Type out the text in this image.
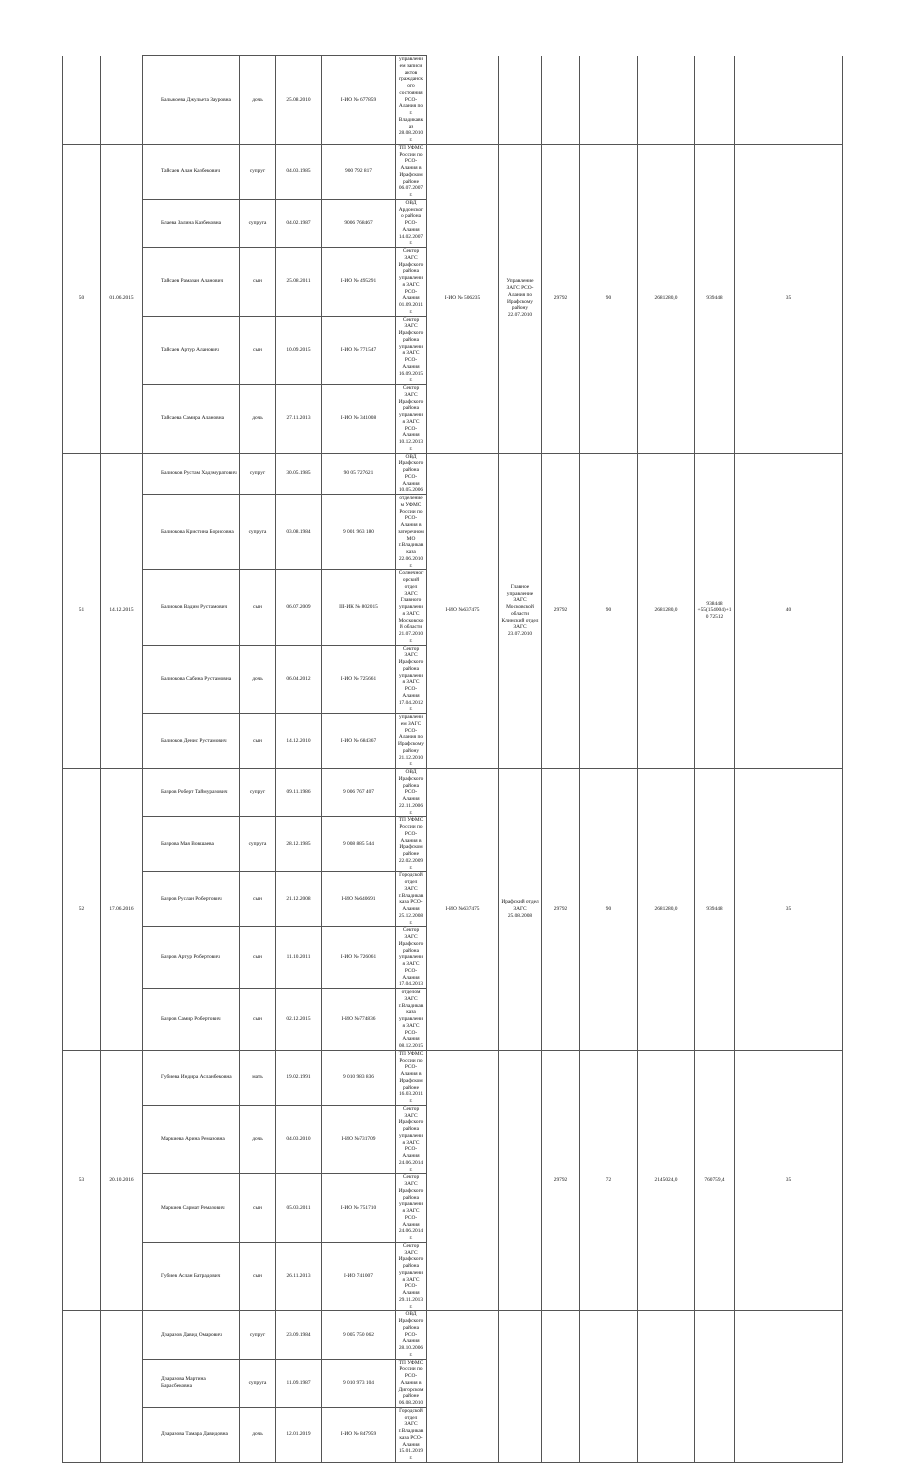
		Бальжоева Джульета Зауровна	дочь	25.08.2010	I-ИО № 677859	управлением записи актов гражданского состояния РСО-Алания по г. Владикавказ 28.08.2010 г.							
50	01.06.2015	Тайсаев Алан Казбекович	супруг	04.03.1985	900 792 817	ТП УФМС России по РСО-Алания в Ирафском районе 06.07.2007 г.	I-ИО № 506235	Управление ЗАГС РСО-Алания по Ирафскому району 22.07.2010	29792	90	2681280,0	939448	35
		Блаева Залина Казбековна	супруга	04.02.1987	9006 768467	ОВД Ардонского района РСО-Алания 14.02.2007 г.							
		Тайсаев Рамазан Аланович	сын	25.08.2011	I-ИО № 495291	Сектор ЗАГС Ирафского района управления ЗАГС РСО-Алания 01.09.2011 г.							
		Тайсаев Артур Аланович	сын	10.09.2015	I-ИО № 771547	Сектор ЗАГС Ирафского района управления ЗАГС РСО-Алания 16.09.2015 г.							
		Тайсаева Самира Алановна	дочь	27.11.2013	I-ИО № 341008	Сектор ЗАГС Ирафского района управления ЗАГС РСО-Алания 10.12.2013 г.							
51	14.12.2015	Балиоков Рустам Хадзмуратович	супруг	30.05.1985	90 05 727621	ОВД Ирафского района РСО-Алания 10.05.2006	I-ИО №637475	Главное управление ЗАГС Московской области Клинский отдел ЗАГС 23.07.2010	29792	90	2681280,0	938448 +55(154004)+10 72512	40
		Балиокова Кристина Борисовна	супруга	03.08.1984	9 001 963 180	отделением УФМС России по РСО-Алания в затеречном МО г.Владикавказа 22.06.2010 г.							
		Балиоков Вадим Рустамович	сын	06.07.2009	III-ИК № 802015	Солнечногорский отдел ЗАГС Главного управления ЗАГС Московской области 21.07.2010 г.							
		Балиокова Сабина Рустамовна	дочь	06.04.2012	I-ИО № 725661	Сектор ЗАГС Ирафского района управления ЗАГС РСО-Алания 17.04.2012 г.							
		Балиоков Денис Рустамович	сын	14.12.2010	I-ИО № 684367	управлением ЗАГС РСО-Алания по Ирафскому району 21.12.2010 г.							
52	17.06.2016	Базров Роберт Таймуразович	супруг	09.11.1986	9 006 767 407	ОВД Ирафского района РСО-Алания 22.11.2006 г.	I-ИО №637475	Ирафский отдел ЗАГС 25.08.2008	29792	90	2681280,0	939448	35
		Базрова Мая Вовшаева	супруга	28.12.1985	9 008 885 544	ТП УФМС России по РСО-Алания в Ирафском районе 22.02.2009 г.							
		Базров Руслан Робертович	сын	21.12.2008	I-ИО №640691	Городской отдел ЗАГС г.Владикавказа РСО-Алания 25.12.2008 г.							
		Базров Артур Робертович	сын	11.10.2011	I-ИО № 726061	Сектор ЗАГС Ирафского района управления ЗАГС РСО-Алания 17.04.2013							
		Базров Самир Робертович	сын	02.12.2015	I-ИО №774836	отделом ЗАГС г.Владикавказа управления ЗАГС РСО-Алания 08.12.2015							
53	20.10.2016	Губиева Индира Асланбековна	мать	19.02.1991	9 010 983 836	ТП УФМС России по РСО-Алания в Ирафском районе 16.03.2011 г.			29792	72	2145024,0	760759,4	35
		Маркиева Арина Ремазовна	дочь	04.03.2010	I-ИО №731709	Сектор ЗАГС Ирафского района управления ЗАГС РСО-Алания 24.06.2014 г.							
		Маркиев Сармат Ремазович	сын	05.03.2011	I-ИО № 751710	Сектор ЗАГС Ирафского района управления ЗАГС РСО-Алания 24.06.2014 г.							
		Губиев Аслан Батрадович	сын	26.11.2013	I-ИО 741007	Сектор ЗАГС Ирафского района управления ЗАГС РСО-Алания 29.11.2013 г.							
		Дзаразов Давид Омарович	супруг	23.09.1984	9 005 750 062	ОВД Ирафского района РСО-Алания 28.10.2006 г.							
		Дзаразова Мартина Барасбековна	супруга	11.09.1987	9 010 973 104	ТП УФМС России по РСО-Алания в Дигорском районе 06.08.2010							
		Дзаразова Тамара Давидовна	дочь	12.01.2019	I-ИО № 847959	Городской отдел ЗАГС г.Владикавказа РСО-Алания 15.01.2019 г.							
